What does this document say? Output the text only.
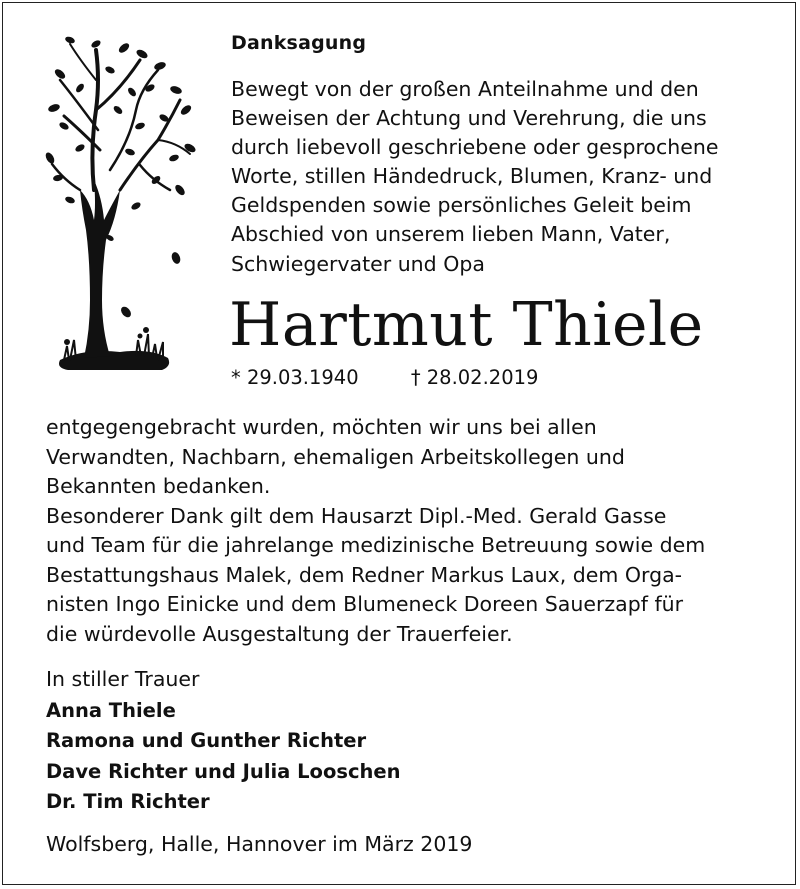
Danksagung
Bewegt von der großen Anteilnahme und den
Beweisen der Achtung und Verehrung, die uns
durch liebevoll geschriebene oder gesprochene
Worte, stillen Händedruck, Blumen, Kranz- und
Geldspenden sowie persönliches Geleit beim
Abschied von unserem lieben Mann, Vater,
Schwiegervater und Opa
Hartmut Thiele
* 29.03.1940	† 28.02.2019
entgegengebracht wurden, möchten wir uns bei allen
Verwandten, Nachbarn, ehemaligen Arbeitskollegen und
Bekannten bedanken.
Besonderer Dank gilt dem Hausarzt Dipl.-Med. Gerald Gasse
und Team für die jahrelange medizinische Betreuung sowie dem
Bestattungshaus Malek, dem Redner Markus Laux, dem Orga-
nisten Ingo Einicke und dem Blumeneck Doreen Sauerzapf für
die würdevolle Ausgestaltung der Trauerfeier.
In stiller Trauer
Anna Thiele
Ramona und Gunther Richter
Dave Richter und Julia Looschen
Dr. Tim Richter
Wolfsberg, Halle, Hannover im März 2019
